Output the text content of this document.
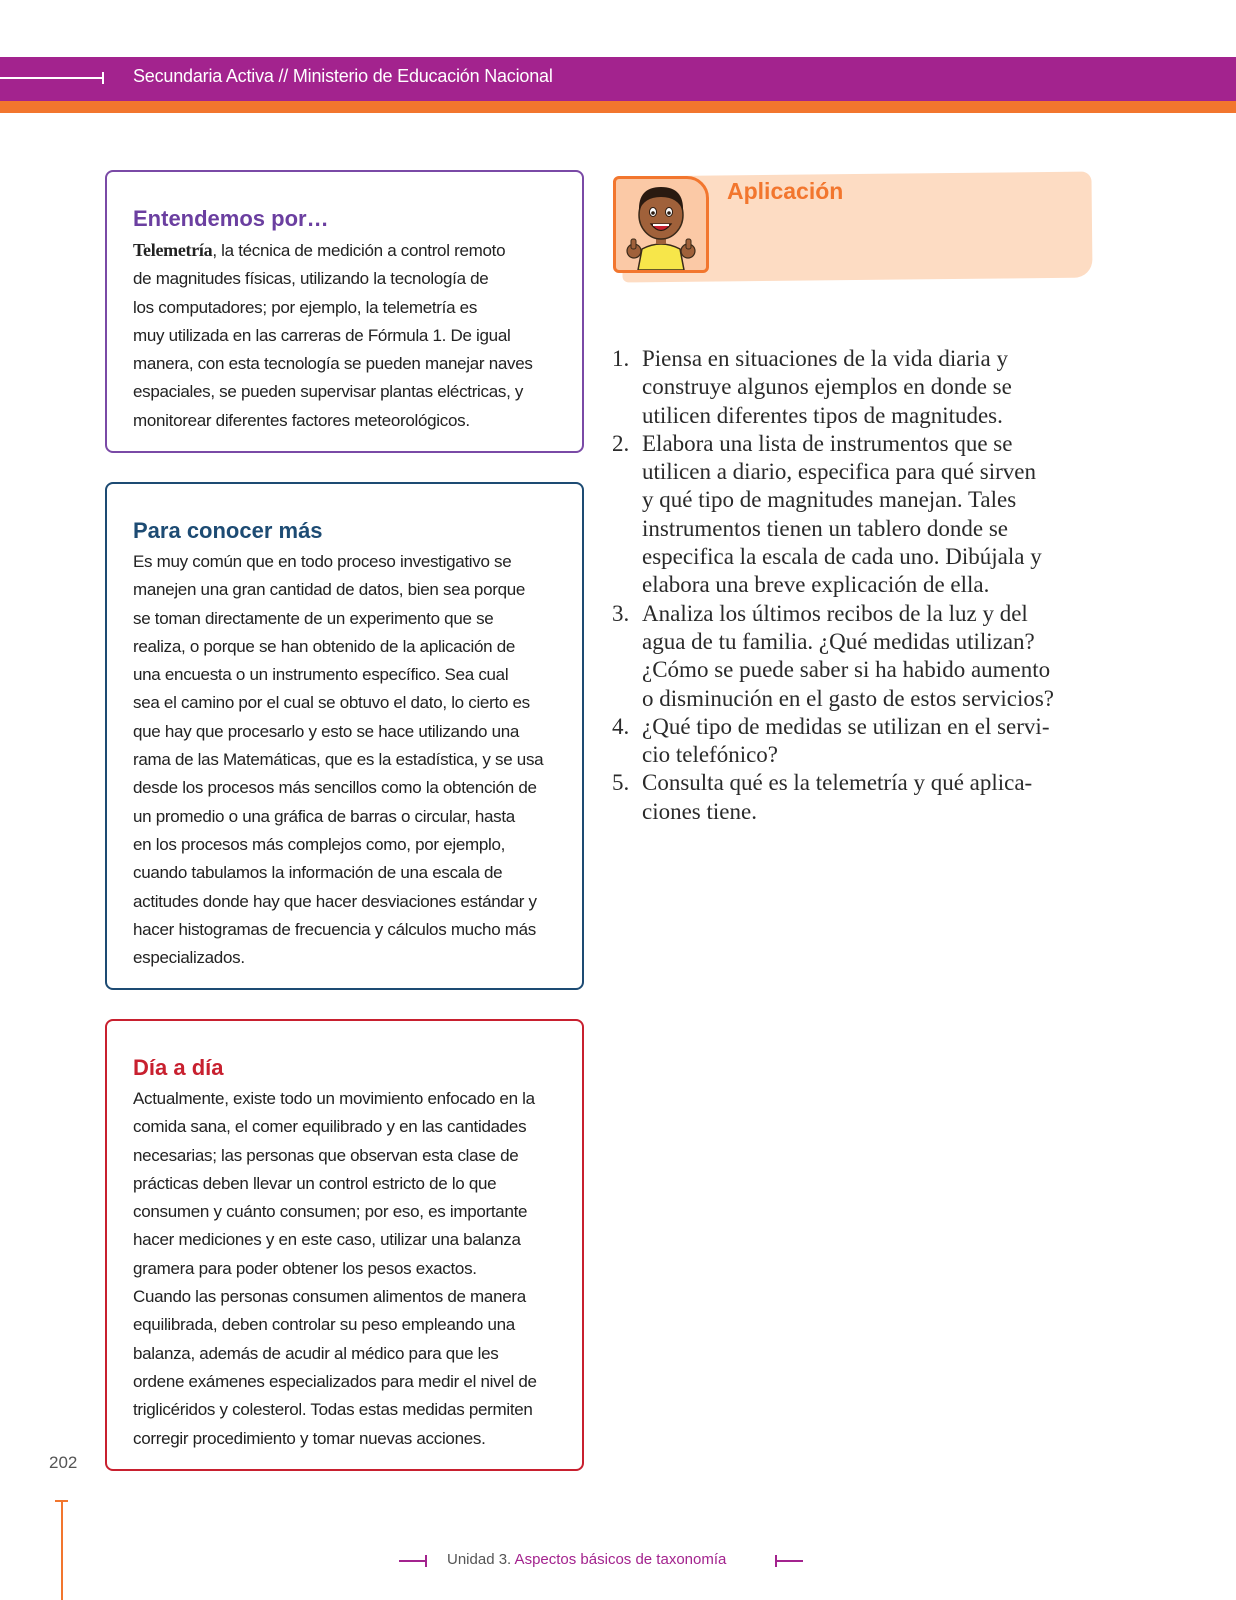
Secundaria Activa // Ministerio de Educación Nacional
Entendemos por…
Telemetría, la técnica de medición a control remoto
de magnitudes físicas, utilizando la tecnología de
los computadores; por ejemplo, la telemetría es
muy utilizada en las carreras de Fórmula 1. De igual
manera, con esta tecnología se pueden manejar naves
espaciales, se pueden supervisar plantas eléctricas, y
monitorear diferentes factores meteorológicos.
Para conocer más
Es muy común que en todo proceso investigativo se
manejen una gran cantidad de datos, bien sea porque
se toman directamente de un experimento que se
realiza, o porque se han obtenido de la aplicación de
una encuesta o un instrumento específico. Sea cual
sea el camino por el cual se obtuvo el dato, lo cierto es
que hay que procesarlo y esto se hace utilizando una
rama de las Matemáticas, que es la estadística, y se usa
desde los procesos más sencillos como la obtención de
un promedio o una gráfica de barras o circular, hasta
en los procesos más complejos como, por ejemplo,
cuando tabulamos la información de una escala de
actitudes donde hay que hacer desviaciones estándar y
hacer histogramas de frecuencia y cálculos mucho más
especializados.
Día a día
Actualmente, existe todo un movimiento enfocado en la
comida sana, el comer equilibrado y en las cantidades
necesarias; las personas que observan esta clase de
prácticas deben llevar un control estricto de lo que
consumen y cuánto consumen; por eso, es importante
hacer mediciones y en este caso, utilizar una balanza
gramera para poder obtener los pesos exactos.
Cuando las personas consumen alimentos de manera
equilibrada, deben controlar su peso empleando una
balanza, además de acudir al médico para que les
ordene exámenes especializados para medir el nivel de
triglicéridos y colesterol. Todas estas medidas permiten
corregir procedimiento y tomar nuevas acciones.
Aplicación
1. Piensa en situaciones de la vida diaria y
construye algunos ejemplos en donde se
utilicen diferentes tipos de magnitudes.
2. Elabora una lista de instrumentos que se
utilicen a diario, especifica para qué sirven
y qué tipo de magnitudes manejan. Tales
instrumentos tienen un tablero donde se
especifica la escala de cada uno. Dibújala y
elabora una breve explicación de ella.
3. Analiza los últimos recibos de la luz y del
agua de tu familia. ¿Qué medidas utilizan?
¿Cómo se puede saber si ha habido aumento
o disminución en el gasto de estos servicios?
4. ¿Qué tipo de medidas se utilizan en el servi-
cio telefónico?
5. Consulta qué es la telemetría y qué aplica-
ciones tiene.
202
Unidad 3. Aspectos básicos de taxonomía
